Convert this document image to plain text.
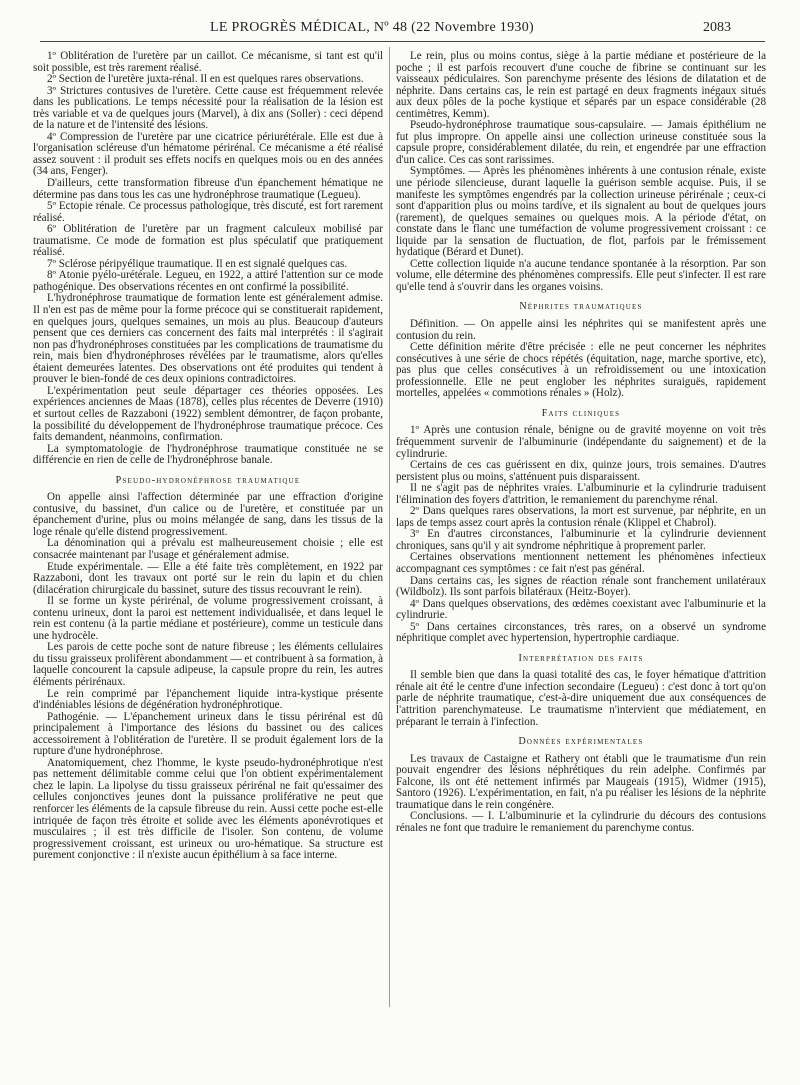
LE PROGRÈS MÉDICAL, Nº 48 (22 Novembre 1930)	2083

1º Oblitération de l'uretère par un caillot. Ce mécanisme, si tant est qu'il soit possible, est très rarement réalisé.

2º Section de l'uretère juxta-rénal. Il en est quelques rares observations.

3º Strictures contusives de l'uretère. Cette cause est fréquemment relevée dans les publications. Le temps nécessité pour la réalisation de la lésion est très variable et va de quelques jours (Marvel), à dix ans (Soller) : ceci dépend de la nature et de l'intensité des lésions.

4º Compression de l'uretère par une cicatrice périurétérale. Elle est due à l'organisation scléreuse d'un hématome périrénal. Ce mécanisme a été réalisé assez souvent : il produit ses effets nocifs en quelques mois ou en des années (34 ans, Fenger).

D'ailleurs, cette transformation fibreuse d'un épanchement hématique ne détermine pas dans tous les cas une hydronéphrose traumatique (Legueu).

5º Ectopie rénale. Ce processus pathologique, très discuté, est fort rarement réalisé.

6º Oblitération de l'uretère par un fragment calculeux mobilisé par traumatisme. Ce mode de formation est plus spéculatif que pratiquement réalisé.

7º Sclérose péripyélique traumatique. Il en est signalé quelques cas.

8º Atonie pyélo-urétérale. Legueu, en 1922, a attiré l'attention sur ce mode pathogénique. Des observations récentes en ont confirmé la possibilité.

L'hydronéphrose traumatique de formation lente est généralement admise. Il n'en est pas de même pour la forme précoce qui se constituerait rapidement, en quelques jours, quelques semaines, un mois au plus. Beaucoup d'auteurs pensent que ces derniers cas concernent des faits mal interprétés : il s'agirait non pas d'hydronéphroses constituées par les complications de traumatisme du rein, mais bien d'hydronéphroses révélées par le traumatisme, alors qu'elles étaient demeurées latentes. Des observations ont été produites qui tendent à prouver le bien-fondé de ces deux opinions contradictoires.

L'expérimentation peut seule départager ces théories opposées. Les expériences anciennes de Maas (1878), celles plus récentes de Deverre (1910) et surtout celles de Razzaboni (1922) semblent démontrer, de façon probante, la possibilité du développement de l'hydronéphrose traumatique précoce. Ces faits demandent, néanmoins, confirmation.

La symptomatologie de l'hydronéphrose traumatique constituée ne se différencie en rien de celle de l'hydronéphrose banale.

Pseudo-hydronéphrose traumatique

On appelle ainsi l'affection déterminée par une effraction d'origine contusive, du bassinet, d'un calice ou de l'uretère, et constituée par un épanchement d'urine, plus ou moins mélangée de sang, dans les tissus de la loge rénale qu'elle distend progressivement.

La dénomination qui a prévalu est malheureusement choisie ; elle est consacrée maintenant par l'usage et généralement admise.

Etude expérimentale. — Elle a été faite très complètement, en 1922 par Razzaboni, dont les travaux ont porté sur le rein du lapin et du chien (dilacération chirurgicale du bassinet, suture des tissus recouvrant le rein).

Il se forme un kyste périrénal, de volume progressivement croissant, à contenu urineux, dont la paroi est nettement individualisée, et dans lequel le rein est contenu (à la partie médiane et postérieure), comme un testicule dans une hydrocèle.

Les parois de cette poche sont de nature fibreuse ; les éléments cellulaires du tissu graisseux prolifèrent abondamment — et contribuent à sa formation, à laquelle concourent la capsule adipeuse, la capsule propre du rein, les autres éléments périrénaux.

Le rein comprimé par l'épanchement liquide intra-kystique présente d'indéniables lésions de dégénération hydronéphrotique.

Pathogénie. — L'épanchement urineux dans le tissu périrénal est dû principalement à l'importance des lésions du bassinet ou des calices accessoirement à l'oblitération de l'uretère. Il se produit également lors de la rupture d'une hydronéphrose.

Anatomiquement, chez l'homme, le kyste pseudo-hydronéphrotique n'est pas nettement délimitable comme celui que l'on obtient expérimentalement chez le lapin. La lipolyse du tissu graisseux périrénal ne fait qu'essaimer des cellules conjonctives jeunes dont la puissance proliférative ne peut que renforcer les éléments de la capsule fibreuse du rein. Aussi cette poche est-elle intriquée de façon très étroite et solide avec les éléments aponévrotiques et musculaires ; il est très difficile de l'isoler. Son contenu, de volume progressivement croissant, est urineux ou uro-hématique. Sa structure est purement conjonctive : il n'existe aucun épithélium à sa face interne.

Le rein, plus ou moins contus, siège à la partie médiane et postérieure de la poche ; il est parfois recouvert d'une couche de fibrine se continuant sur les vaisseaux pédiculaires. Son parenchyme présente des lésions de dilatation et de néphrite. Dans certains cas, le rein est partagé en deux fragments inégaux situés aux deux pôles de la poche kystique et séparés par un espace considérable (28 centimètres, Kemm).

Pseudo-hydronéphrose traumatique sous-capsulaire. — Jamais épithélium ne fut plus impropre. On appelle ainsi une collection urineuse constituée sous la capsule propre, considérablement dilatée, du rein, et engendrée par une effraction d'un calice. Ces cas sont rarissimes.

Symptômes. — Après les phénomènes inhérents à une contusion rénale, existe une période silencieuse, durant laquelle la guérison semble acquise. Puis, il se manifeste les symptômes engendrés par la collection urineuse périrénale ; ceux-ci sont d'apparition plus ou moins tardive, et ils signalent au bout de quelques jours (rarement), de quelques semaines ou quelques mois. A la période d'état, on constate dans le flanc une tuméfaction de volume progressivement croissant : ce liquide par la sensation de fluctuation, de flot, parfois par le frémissement hydatique (Bérard et Dunet).

Cette collection liquide n'a aucune tendance spontanée à la résorption. Par son volume, elle détermine des phénomènes compressifs. Elle peut s'infecter. Il est rare qu'elle tend à s'ouvrir dans les organes voisins.

Néphrites traumatiques

Définition. — On appelle ainsi les néphrites qui se manifestent après une contusion du rein.

Cette définition mérite d'être précisée : elle ne peut concerner les néphrites consécutives à une série de chocs répétés (équitation, nage, marche sportive, etc), pas plus que celles consécutives à un refroidissement ou une intoxication professionnelle. Elle ne peut englober les néphrites suraiguës, rapidement mortelles, appelées « commotions rénales » (Holz).

Faits cliniques

1º Après une contusion rénale, bénigne ou de gravité moyenne on voit très fréquemment survenir de l'albuminurie (indépendante du saignement) et de la cylindrurie.

Certains de ces cas guérissent en dix, quinze jours, trois semaines. D'autres persistent plus ou moins, s'atténuent puis disparaissent.

Il ne s'agit pas de néphrites vraies. L'albuminurie et la cylindrurie traduisent l'élimination des foyers d'attrition, le remaniement du parenchyme rénal.

2º Dans quelques rares observations, la mort est survenue, par néphrite, en un laps de temps assez court après la contusion rénale (Klippel et Chabrol).

3º En d'autres circonstances, l'albuminurie et la cylindrurie deviennent chroniques, sans qu'il y ait syndrome néphritique à proprement parler.

Certaines observations mentionnent nettement les phénomènes infectieux accompagnant ces symptômes : ce fait n'est pas général.

Dans certains cas, les signes de réaction rénale sont franchement unilatéraux (Wildbolz). Ils sont parfois bilatéraux (Heitz-Boyer).

4º Dans quelques observations, des œdèmes coexistant avec l'albuminurie et la cylindrurie.

5º Dans certaines circonstances, très rares, on a observé un syndrome néphritique complet avec hypertension, hypertrophie cardiaque.

Interprétation des faits

Il semble bien que dans la quasi totalité des cas, le foyer hématique d'attrition rénale ait été le centre d'une infection secondaire (Legueu) : c'est donc à tort qu'on parle de néphrite traumatique, c'est-à-dire uniquement due aux conséquences de l'attrition parenchymateuse. Le traumatisme n'intervient que médiatement, en préparant le terrain à l'infection.

Données expérimentales

Les travaux de Castaigne et Rathery ont établi que le traumatisme d'un rein pouvait engendrer des lésions néphrétiques du rein adelphe. Confirmés par Falcone, ils ont été nettement infirmés par Maugeais (1915), Widmer (1915), Santoro (1926). L'expérimentation, en fait, n'a pu réaliser les lésions de la néphrite traumatique dans le rein congénère.

Conclusions. — I. L'albuminurie et la cylindrurie du décours des contusions rénales ne font que traduire le remaniement du parenchyme contus.
